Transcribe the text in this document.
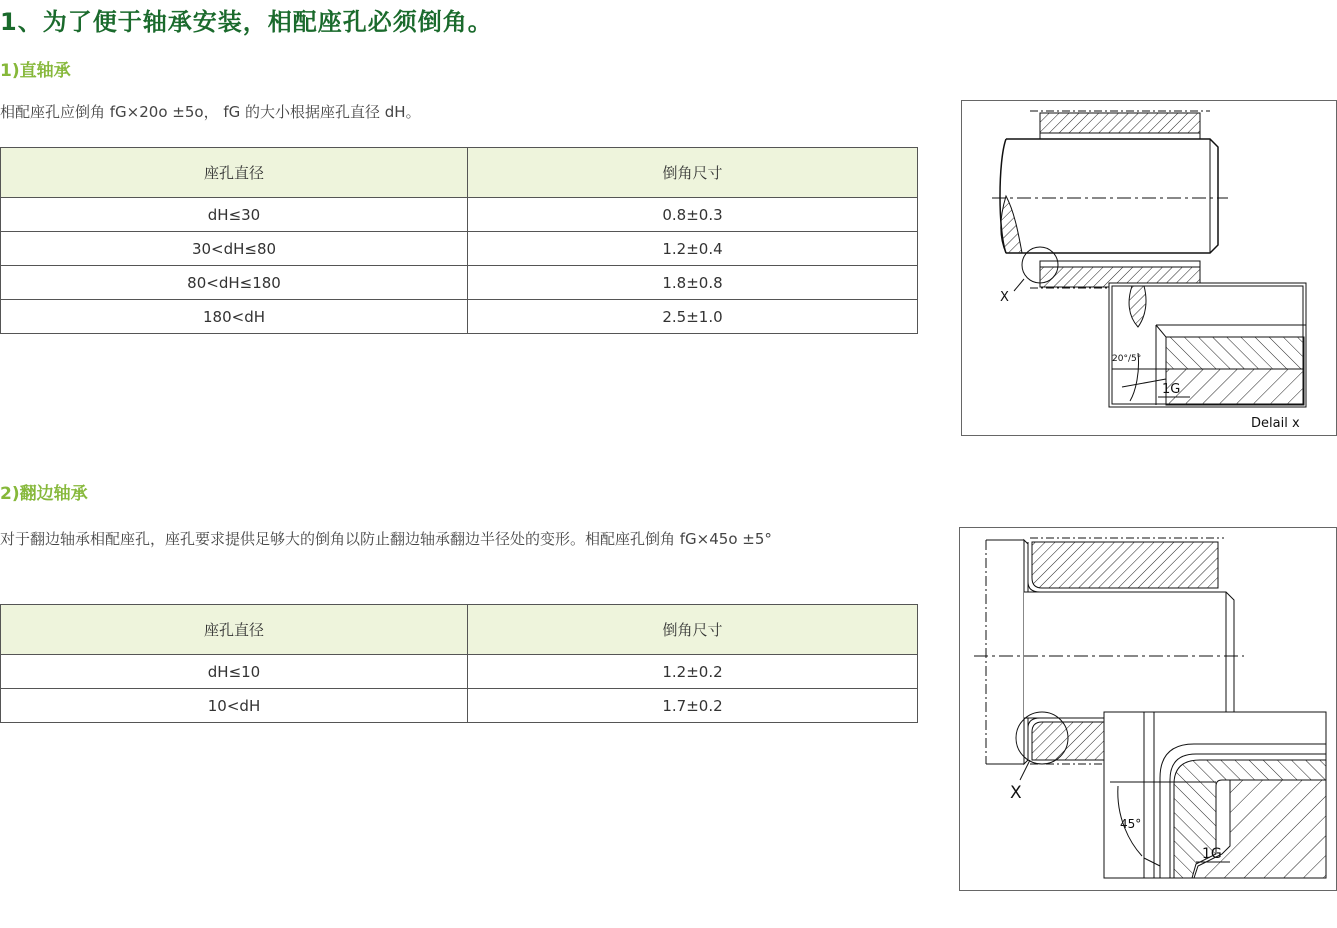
1、为了便于轴承安装，相配座孔必须倒角。
1)直轴承
相配座孔应倒角 fG×20o ±5o， fG 的大小根据座孔直径 dH。
座孔直径	倒角尺寸
dH≤30	0.8±0.3
30<dH≤80	1.2±0.4
80<dH≤180	1.8±0.8
180<dH	2.5±1.0
X
20°/5°
1G
Delail x
2)翻边轴承
对于翻边轴承相配座孔，座孔要求提供足够大的倒角以防止翻边轴承翻边半径处的变形。相配座孔倒角 fG×45o ±5°
座孔直径	倒角尺寸
dH≤10	1.2±0.2
10<dH	1.7±0.2
X
45°
1G
